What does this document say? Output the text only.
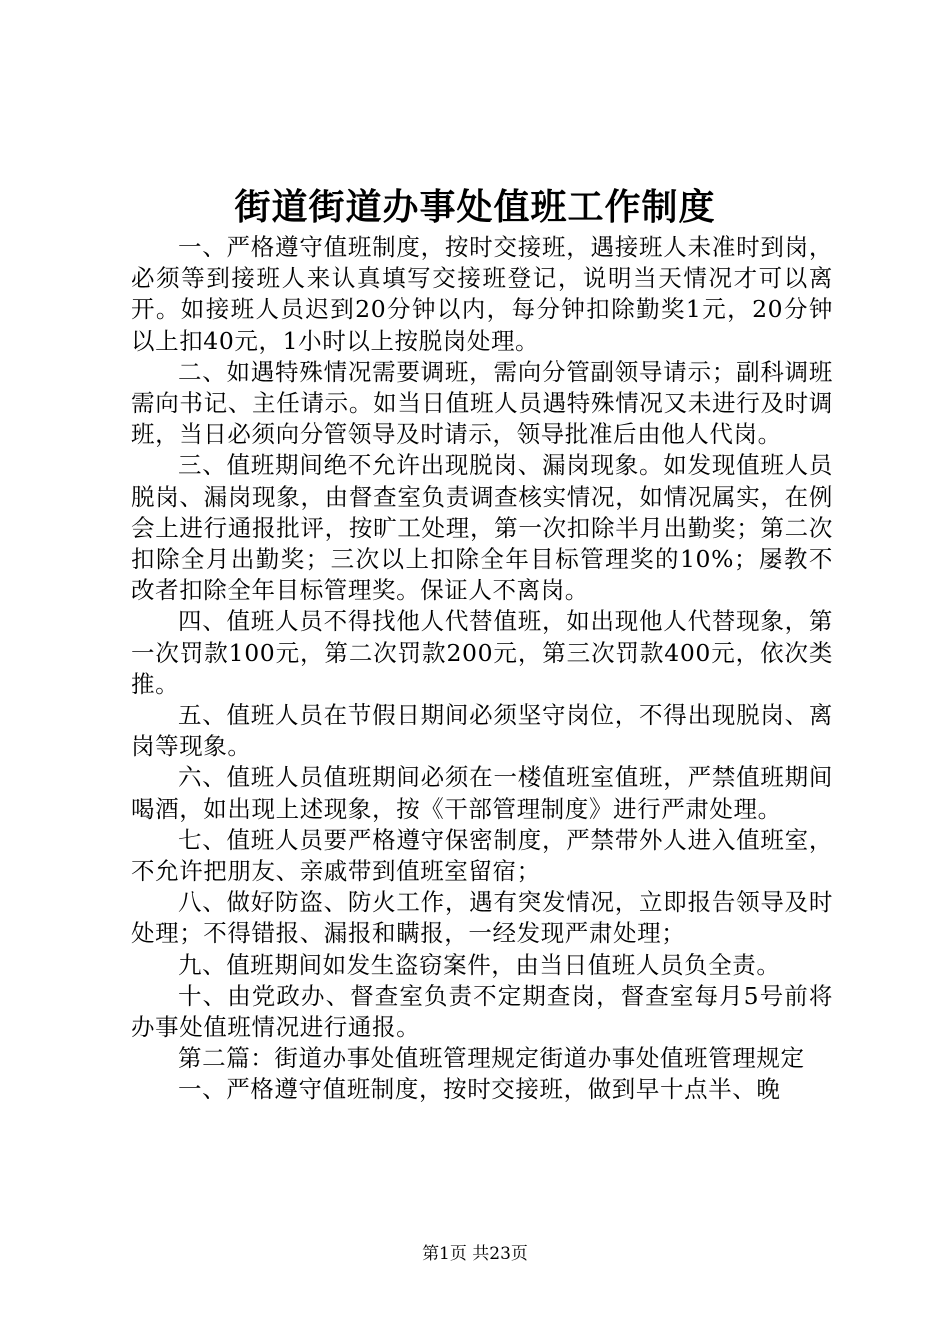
街道街道办事处值班工作制度

一、严格遵守值班制度，按时交接班，遇接班人未准时到岗，必须等到接班人来认真填写交接班登记，说明当天情况才可以离开。如接班人员迟到20分钟以内，每分钟扣除勤奖1元，20分钟以上扣40元，1小时以上按脱岗处理。

二、如遇特殊情况需要调班，需向分管副领导请示；副科调班需向书记、主任请示。如当日值班人员遇特殊情况又未进行及时调班，当日必须向分管领导及时请示，领导批准后由他人代岗。

三、值班期间绝不允许出现脱岗、漏岗现象。如发现值班人员脱岗、漏岗现象，由督查室负责调查核实情况，如情况属实，在例会上进行通报批评，按旷工处理，第一次扣除半月出勤奖；第二次扣除全月出勤奖；三次以上扣除全年目标管理奖的10%；屡教不改者扣除全年目标管理奖。保证人不离岗。

四、值班人员不得找他人代替值班，如出现他人代替现象，第一次罚款100元，第二次罚款200元，第三次罚款400元，依次类推。

五、值班人员在节假日期间必须坚守岗位，不得出现脱岗、离岗等现象。

六、值班人员值班期间必须在一楼值班室值班，严禁值班期间喝酒，如出现上述现象，按《干部管理制度》进行严肃处理。

七、值班人员要严格遵守保密制度，严禁带外人进入值班室，不允许把朋友、亲戚带到值班室留宿；

八、做好防盗、防火工作，遇有突发情况，立即报告领导及时处理；不得错报、漏报和瞒报，一经发现严肃处理；

九、值班期间如发生盗窃案件，由当日值班人员负全责。

十、由党政办、督查室负责不定期查岗，督查室每月5号前将办事处值班情况进行通报。

第二篇：街道办事处值班管理规定街道办事处值班管理规定

一、严格遵守值班制度，按时交接班，做到早十点半、晚

第1页 共23页
